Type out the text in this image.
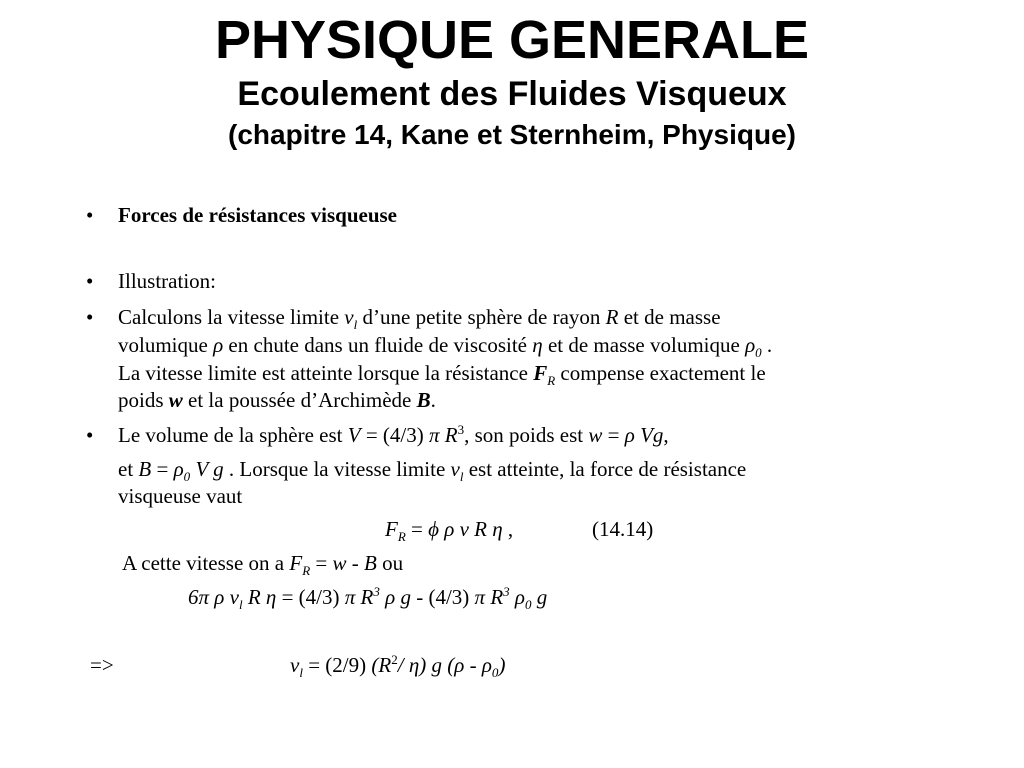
PHYSIQUE GENERALE
Ecoulement des Fluides Visqueux
(chapitre 14, Kane et Sternheim, Physique)
• Forces de résistances visqueuse
• Illustration:
• Calculons la vitesse limite $v_l$ d’une petite sphère de rayon R et de masse
volumique ρ en chute dans un fluide de viscosité η et de masse volumique $\rho_0$ .
La vitesse limite est atteinte lorsque la résistance $F_R$ compense exactement le
poids w et la poussée d’Archimède B.
• Le volume de la sphère est V = (4/3) π $R^3$, son poids est w = ρ Vg,
et $B = \rho_0$ V g . Lorsque la vitesse limite $v_l$ est atteinte, la force de résistance
visqueuse vaut
$F_R = \phi$ ρ v R η ,	(14.14)
A cette vitesse on a $F_R = w - B$ ou
6π ρ $v_l$ R η = (4/3) π $R^3$ ρ g - (4/3) π $R^3$ $\rho_0$ g
=>	$v_l = (2/9)$ ($R^2/$ η) g $(\rho - \rho_0)$
